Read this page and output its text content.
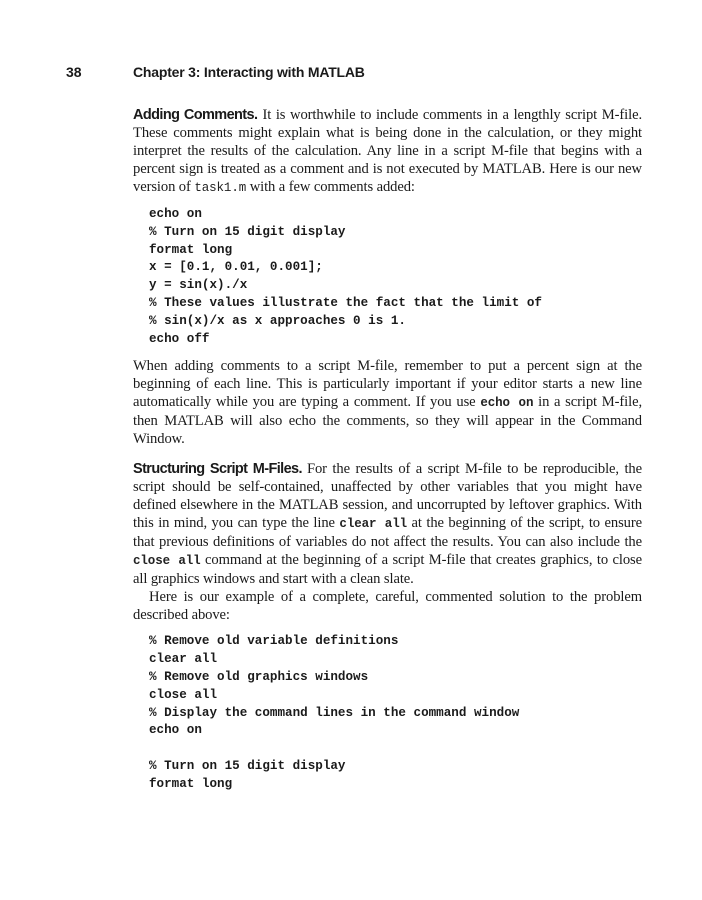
38	Chapter 3: Interacting with MATLAB

Adding Comments. It is worthwhile to include comments in a lengthly script M-file. These comments might explain what is being done in the calculation, or they might interpret the results of the calculation. Any line in a script M-file that begins with a percent sign is treated as a comment and is not executed by MATLAB. Here is our new version of task1.m with a few comments added:

echo on
% Turn on 15 digit display
format long
x = [0.1, 0.01, 0.001];
y = sin(x)./x
% These values illustrate the fact that the limit of
% sin(x)/x as x approaches 0 is 1.
echo off

When adding comments to a script M-file, remember to put a percent sign at the beginning of each line. This is particularly important if your editor starts a new line automatically while you are typing a comment. If you use echo on in a script M-file, then MATLAB will also echo the comments, so they will appear in the Command Window.

Structuring Script M-Files. For the results of a script M-file to be reproducible, the script should be self-contained, unaffected by other variables that you might have defined elsewhere in the MATLAB session, and uncorrupted by leftover graphics. With this in mind, you can type the line clear all at the beginning of the script, to ensure that previous definitions of variables do not affect the results. You can also include the close all command at the beginning of a script M-file that creates graphics, to close all graphics windows and start with a clean slate.

Here is our example of a complete, careful, commented solution to the problem described above:

% Remove old variable definitions
clear all
% Remove old graphics windows
close all
% Display the command lines in the command window
echo on
% Turn on 15 digit display
format long
